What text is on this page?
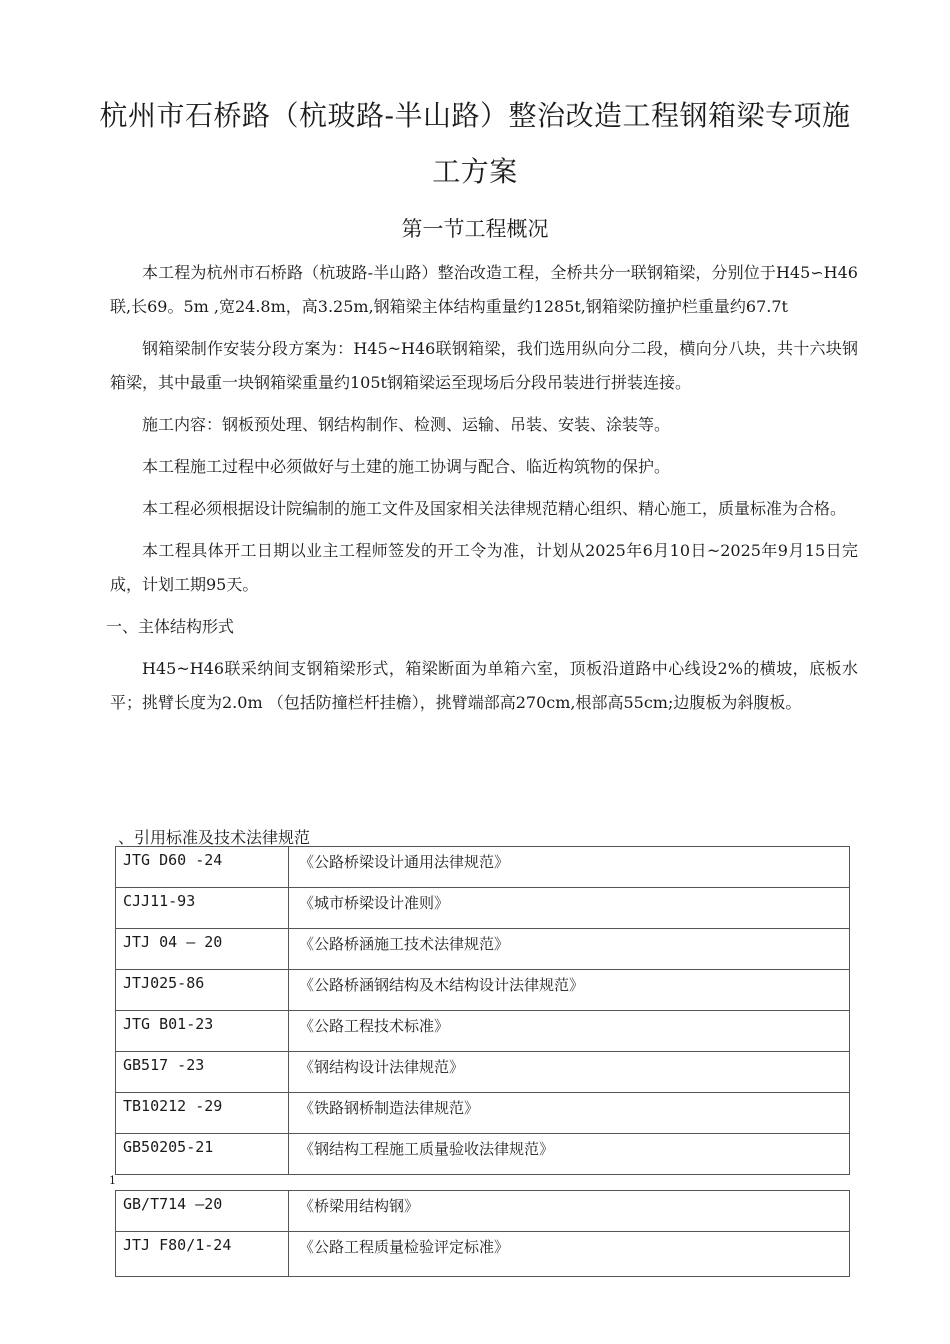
杭州市石桥路（杭玻路-半山路）整治改造工程钢箱梁专项施
工方案
第一节工程概况

本工程为杭州市石桥路（杭玻路-半山路）整治改造工程，全桥共分一联钢箱梁，分别位于H45∽H46联,长69。5m ,宽24.8m，高3.25m,钢箱梁主体结构重量约1285t,钢箱梁防撞护栏重量约67.7t

钢箱梁制作安装分段方案为：H45~H46联钢箱梁，我们选用纵向分二段，横向分八块，共十六块钢箱梁，其中最重一块钢箱梁重量约105t钢箱梁运至现场后分段吊装进行拼装连接。

施工内容：钢板预处理、钢结构制作、检测、运输、吊装、安装、涂装等。

本工程施工过程中必须做好与土建的施工协调与配合、临近构筑物的保护。

本工程必须根据设计院编制的施工文件及国家相关法律规范精心组织、精心施工，质量标准为合格。

本工程具体开工日期以业主工程师签发的开工令为准，计划从2025年6月10日~2025年9月15日完成，计划工期95天。

一、主体结构形式

H45~H46联采纳间支钢箱梁形式，箱梁断面为单箱六室，顶板沿道路中心线设2%的横坡，底板水平；挑臂长度为2.0m （包括防撞栏杆挂檐），挑臂端部高270cm,根部高55cm;边腹板为斜腹板。

、引用标准及技术法律规范
JTG D60 -24	《公路桥梁设计通用法律规范》
CJJ11-93	《城市桥梁设计准则》
JTJ 04 — 20	《公路桥涵施工技术法律规范》
JTJ025-86	《公路桥涵钢结构及木结构设计法律规范》
JTG B01-23	《公路工程技术标准》
GB517 -23	《钢结构设计法律规范》
TB10212 -29	《铁路钢桥制造法律规范》
GB50205-21	《钢结构工程施工质量验收法律规范》
1
GB/T714 —20	《桥梁用结构钢》
JTJ F80/1-24	《公路工程质量检验评定标准》
